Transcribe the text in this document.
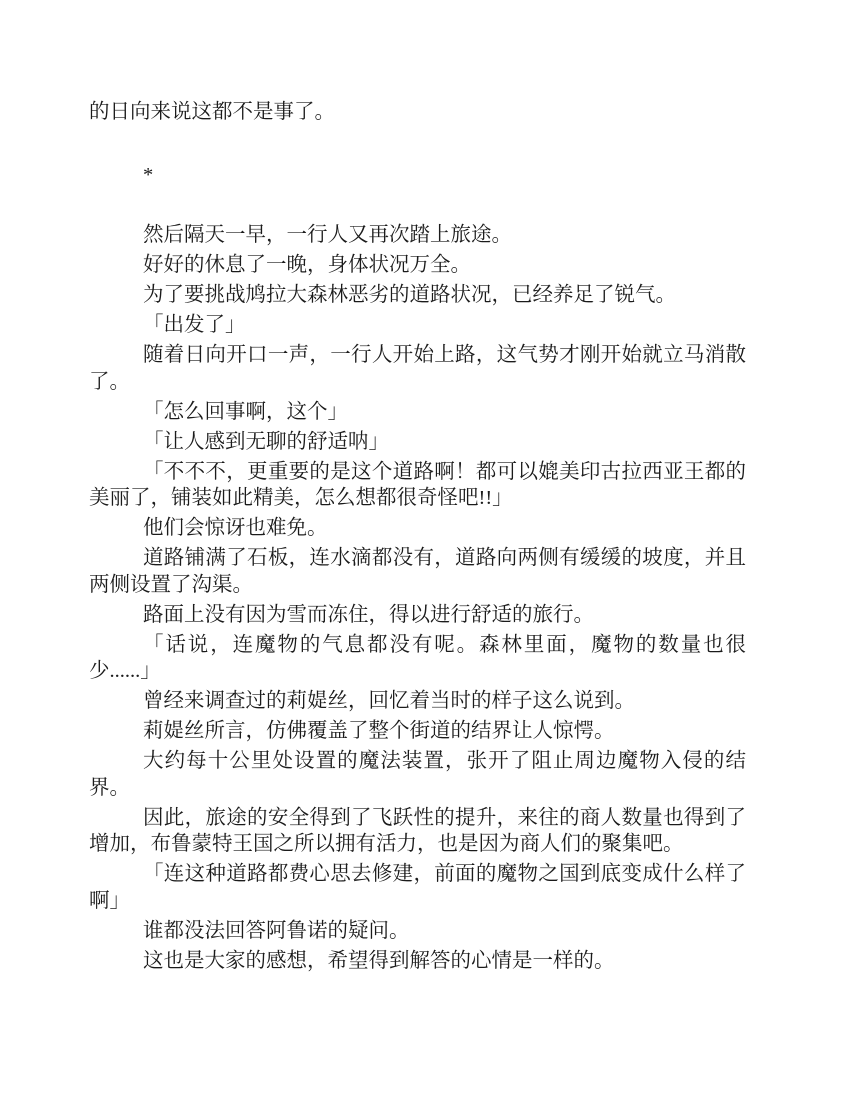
的日向来说这都不是事了。

*

然后隔天一早，一行人又再次踏上旅途。

好好的休息了一晚，身体状况万全。

为了要挑战鸠拉大森林恶劣的道路状况，已经养足了锐气。

「出发了」

随着日向开口一声，一行人开始上路，这气势才刚开始就立马消散了。

「怎么回事啊，这个」

「让人感到无聊的舒适呐」

「不不不，更重要的是这个道路啊！都可以媲美印古拉西亚王都的美丽了，铺装如此精美，怎么想都很奇怪吧!!」

他们会惊讶也难免。

道路铺满了石板，连水滴都没有，道路向两侧有缓缓的坡度，并且两侧设置了沟渠。

路面上没有因为雪而冻住，得以进行舒适的旅行。

「话说，连魔物的气息都没有呢。森林里面，魔物的数量也很少......」

曾经来调查过的莉媞丝，回忆着当时的样子这么说到。

莉媞丝所言，仿佛覆盖了整个街道的结界让人惊愕。

大约每十公里处设置的魔法装置，张开了阻止周边魔物入侵的结界。

因此，旅途的安全得到了飞跃性的提升，来往的商人数量也得到了增加，布鲁蒙特王国之所以拥有活力，也是因为商人们的聚集吧。

「连这种道路都费心思去修建，前面的魔物之国到底变成什么样了啊」

谁都没法回答阿鲁诺的疑问。

这也是大家的感想，希望得到解答的心情是一样的。
